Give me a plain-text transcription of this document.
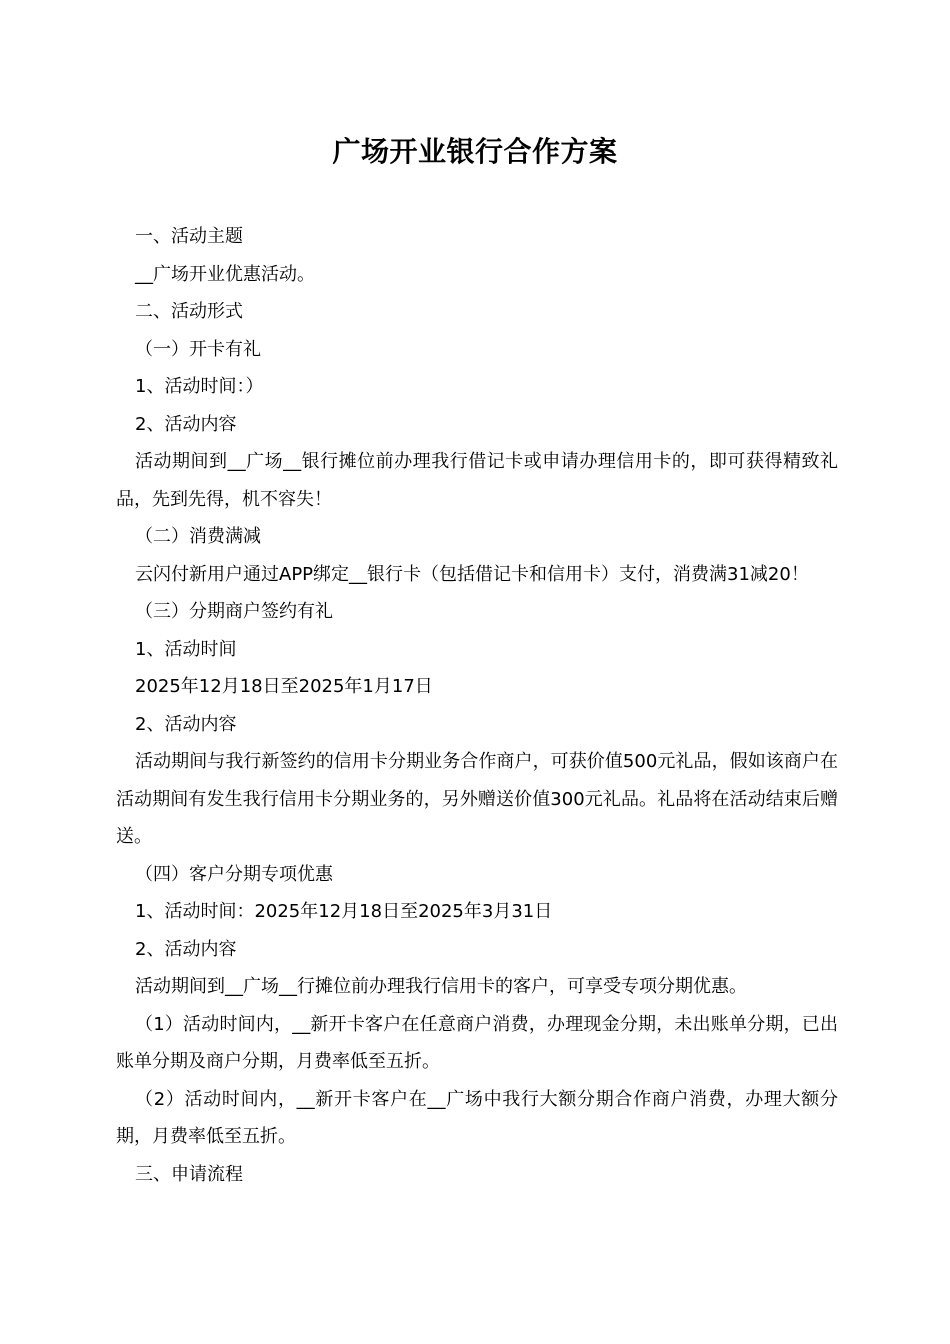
广场开业银行合作方案

一、活动主题

__广场开业优惠活动。

二、活动形式

（一）开卡有礼

1、活动时间：）

2、活动内容

活动期间到__广场__银行摊位前办理我行借记卡或申请办理信用卡的，即可获得精致礼品，先到先得，机不容失！

（二）消费满减

云闪付新用户通过APP绑定__银行卡（包括借记卡和信用卡）支付，消费满31减20！

（三）分期商户签约有礼

1、活动时间

2025年12月18日至2025年1月17日

2、活动内容

活动期间与我行新签约的信用卡分期业务合作商户，可获价值500元礼品，假如该商户在活动期间有发生我行信用卡分期业务的，另外赠送价值300元礼品。礼品将在活动结束后赠送。

（四）客户分期专项优惠

1、活动时间：2025年12月18日至2025年3月31日

2、活动内容

活动期间到__广场__行摊位前办理我行信用卡的客户，可享受专项分期优惠。

（1）活动时间内，__新开卡客户在任意商户消费，办理现金分期，未出账单分期，已出账单分期及商户分期，月费率低至五折。

（2）活动时间内，__新开卡客户在__广场中我行大额分期合作商户消费，办理大额分期，月费率低至五折。

三、申请流程
